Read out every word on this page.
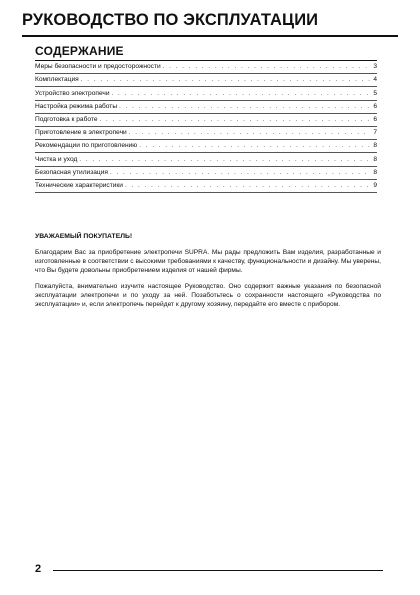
РУКОВОДСТВО ПО ЭКСПЛУАТАЦИИ
СОДЕРЖАНИЕ
Меры безопасности и предосторожности . . .	3
Комплектация . . .	4
Устройство электропечи . . .	5
Настройка режима работы . . .	6
Подготовка к работе . . .	6
Приготовление в электропечи . . .	7
Рекомендации по приготовлению . . .	8
Чистка и уход . . .	8
Безопасная утилизация . . .	8
Технические характеристики . . .	9
УВАЖАЕМЫЙ ПОКУПАТЕЛЬ!

Благодарим Вас за приобретение электропечи SUPRA. Мы рады предложить Вам изделия, разработанные и изготовленные в соответствии с высокими требованиями к качеству, функциональности и дизайну. Мы уверены, что Вы будете довольны приобретением изделия от нашей фирмы.

Пожалуйста, внимательно изучите настоящее Руководство. Оно содержит важные указания по безопасной эксплуатации электропечи и по уходу за ней. Позаботьтесь о сохранности настоящего «Руководства по эксплуатации» и, если электропечь перейдет к другому хозяину, передайте его вместе с прибором.

2
